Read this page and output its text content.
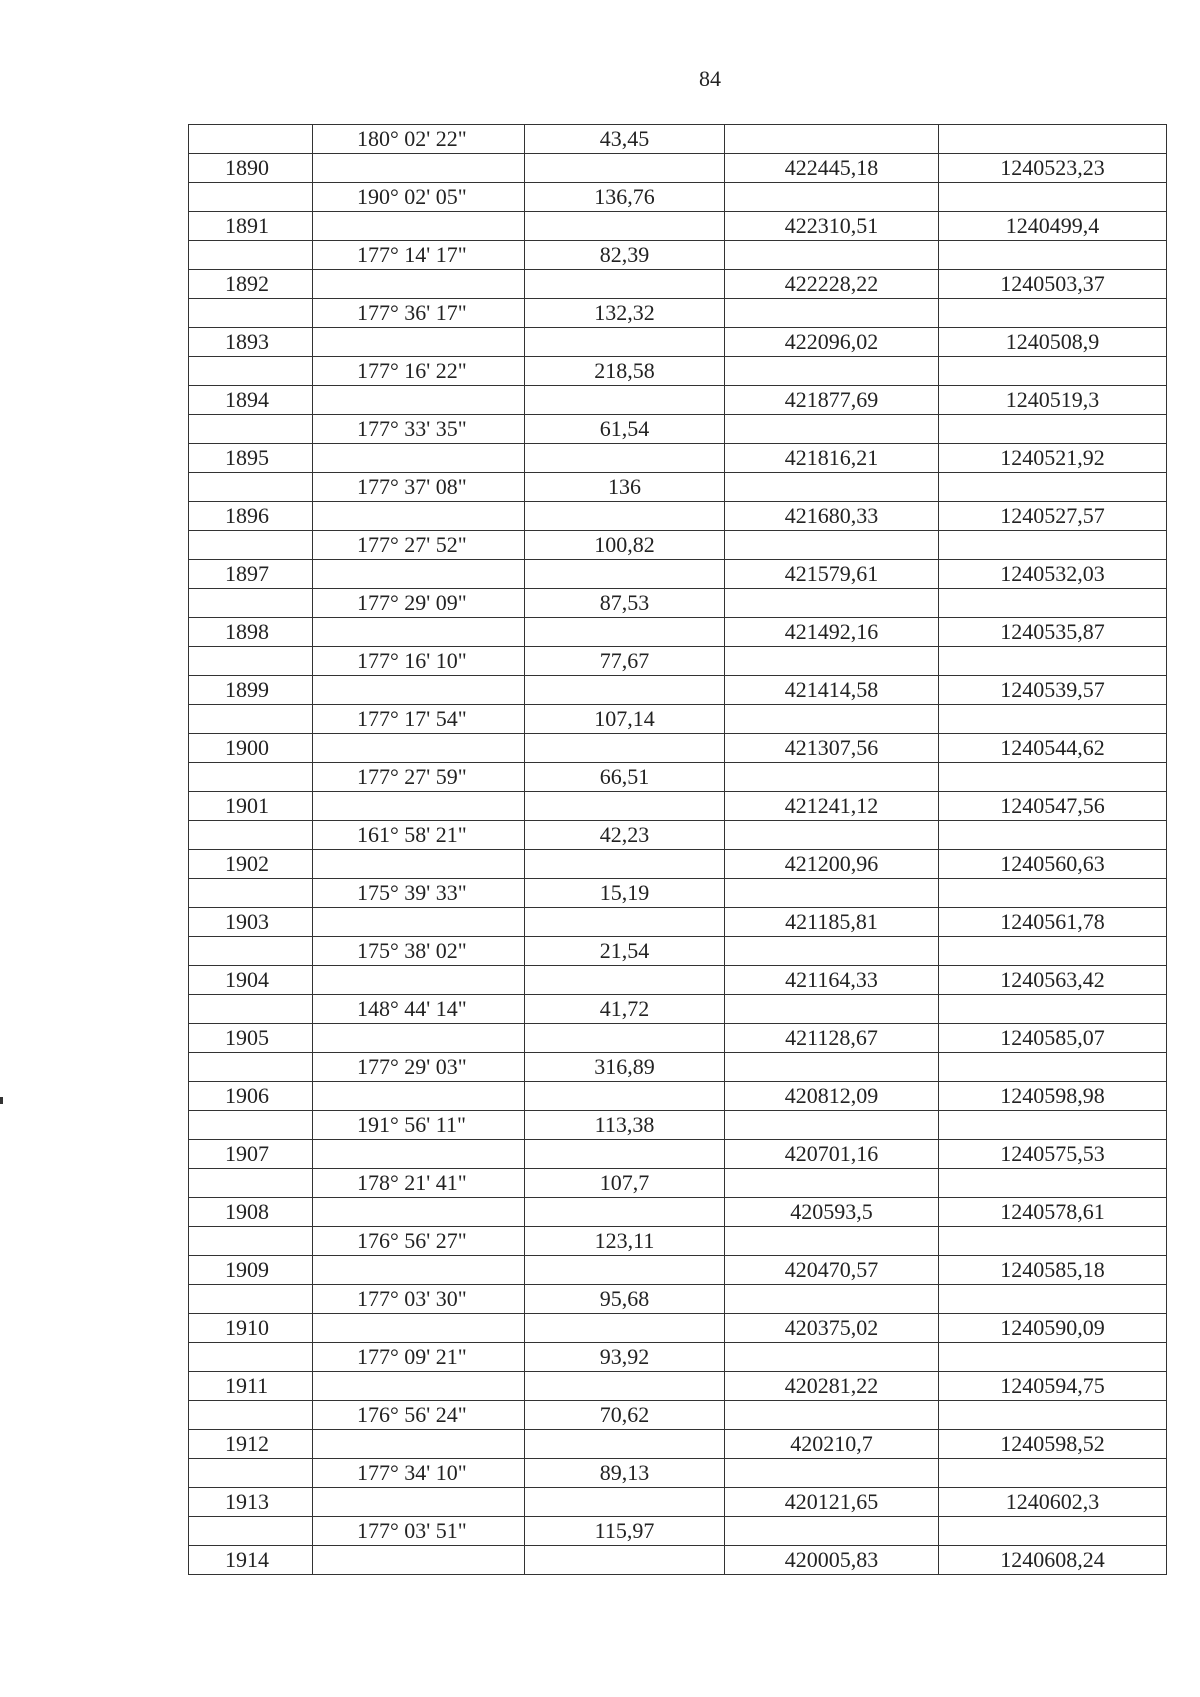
84
	180° 02' 22"	43,45		
1890			422445,18	1240523,23
	190° 02' 05"	136,76		
1891			422310,51	1240499,4
	177° 14' 17"	82,39		
1892			422228,22	1240503,37
	177° 36' 17"	132,32		
1893			422096,02	1240508,9
	177° 16' 22"	218,58		
1894			421877,69	1240519,3
	177° 33' 35"	61,54		
1895			421816,21	1240521,92
	177° 37' 08"	136		
1896			421680,33	1240527,57
	177° 27' 52"	100,82		
1897			421579,61	1240532,03
	177° 29' 09"	87,53		
1898			421492,16	1240535,87
	177° 16' 10"	77,67		
1899			421414,58	1240539,57
	177° 17' 54"	107,14		
1900			421307,56	1240544,62
	177° 27' 59"	66,51		
1901			421241,12	1240547,56
	161° 58' 21"	42,23		
1902			421200,96	1240560,63
	175° 39' 33"	15,19		
1903			421185,81	1240561,78
	175° 38' 02"	21,54		
1904			421164,33	1240563,42
	148° 44' 14"	41,72		
1905			421128,67	1240585,07
	177° 29' 03"	316,89		
1906			420812,09	1240598,98
	191° 56' 11"	113,38		
1907			420701,16	1240575,53
	178° 21' 41"	107,7		
1908			420593,5	1240578,61
	176° 56' 27"	123,11		
1909			420470,57	1240585,18
	177° 03' 30"	95,68		
1910			420375,02	1240590,09
	177° 09' 21"	93,92		
1911			420281,22	1240594,75
	176° 56' 24"	70,62		
1912			420210,7	1240598,52
	177° 34' 10"	89,13		
1913			420121,65	1240602,3
	177° 03' 51"	115,97		
1914			420005,83	1240608,24
